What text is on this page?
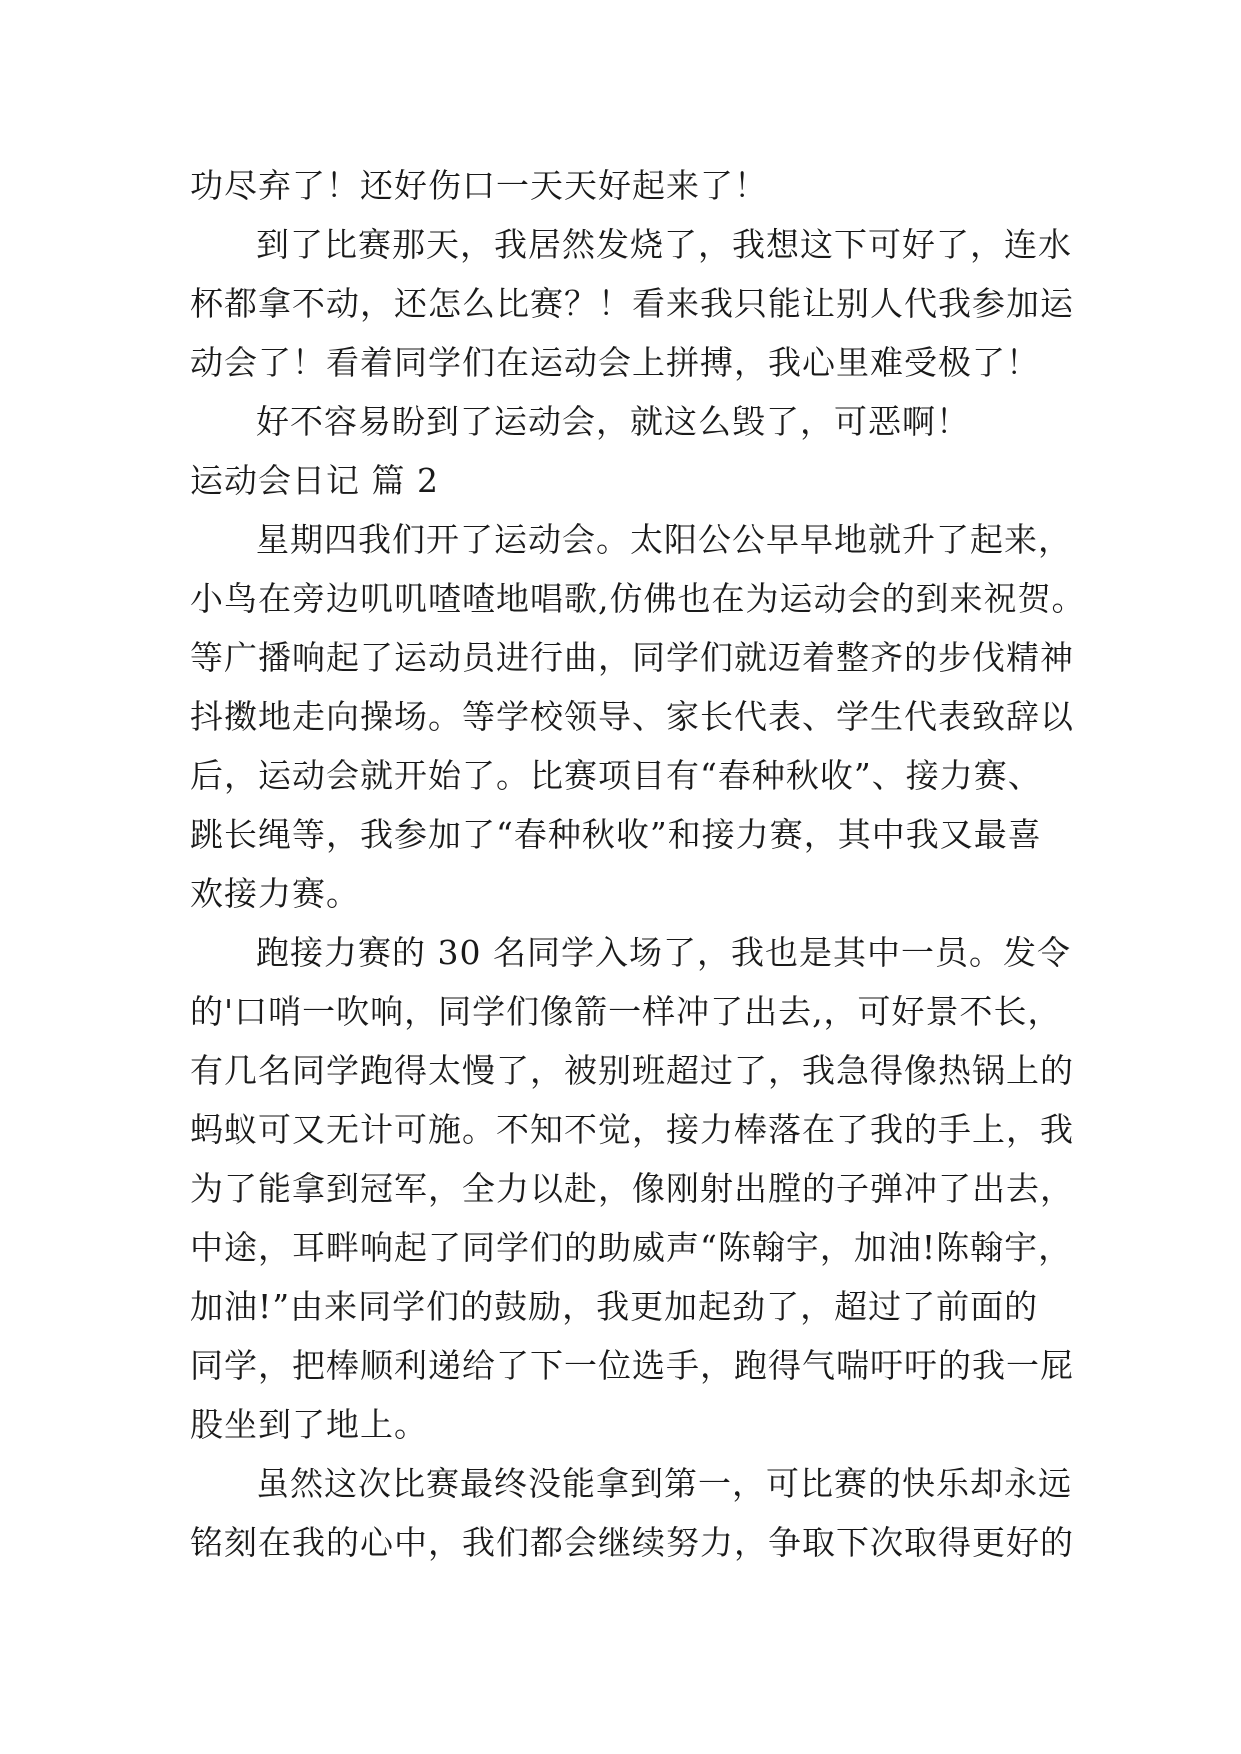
功尽弃了！还好伤口一天天好起来了！
到了比赛那天，我居然发烧了，我想这下可好了，连水
杯都拿不动，还怎么比赛？！看来我只能让别人代我参加运
动会了！看着同学们在运动会上拼搏，我心里难受极了！
好不容易盼到了运动会，就这么毁了，可恶啊！
运动会日记 篇 2
星期四我们开了运动会。太阳公公早早地就升了起来，
小鸟在旁边叽叽喳喳地唱歌,仿佛也在为运动会的到来祝贺。
等广播响起了运动员进行曲，同学们就迈着整齐的步伐精神
抖擞地走向操场。等学校领导、家长代表、学生代表致辞以
后，运动会就开始了。比赛项目有“春种秋收”、接力赛、
跳长绳等，我参加了“春种秋收”和接力赛，其中我又最喜
欢接力赛。
跑接力赛的 30 名同学入场了，我也是其中一员。发令
的'口哨一吹响，同学们像箭一样冲了出去,，可好景不长，
有几名同学跑得太慢了，被别班超过了，我急得像热锅上的
蚂蚁可又无计可施。不知不觉，接力棒落在了我的手上，我
为了能拿到冠军，全力以赴，像刚射出膛的子弹冲了出去，
中途，耳畔响起了同学们的助威声“陈翰宇，加油!陈翰宇，
加油!”由来同学们的鼓励，我更加起劲了，超过了前面的
同学，把棒顺利递给了下一位选手，跑得气喘吁吁的我一屁
股坐到了地上。
虽然这次比赛最终没能拿到第一，可比赛的快乐却永远
铭刻在我的心中，我们都会继续努力，争取下次取得更好的
